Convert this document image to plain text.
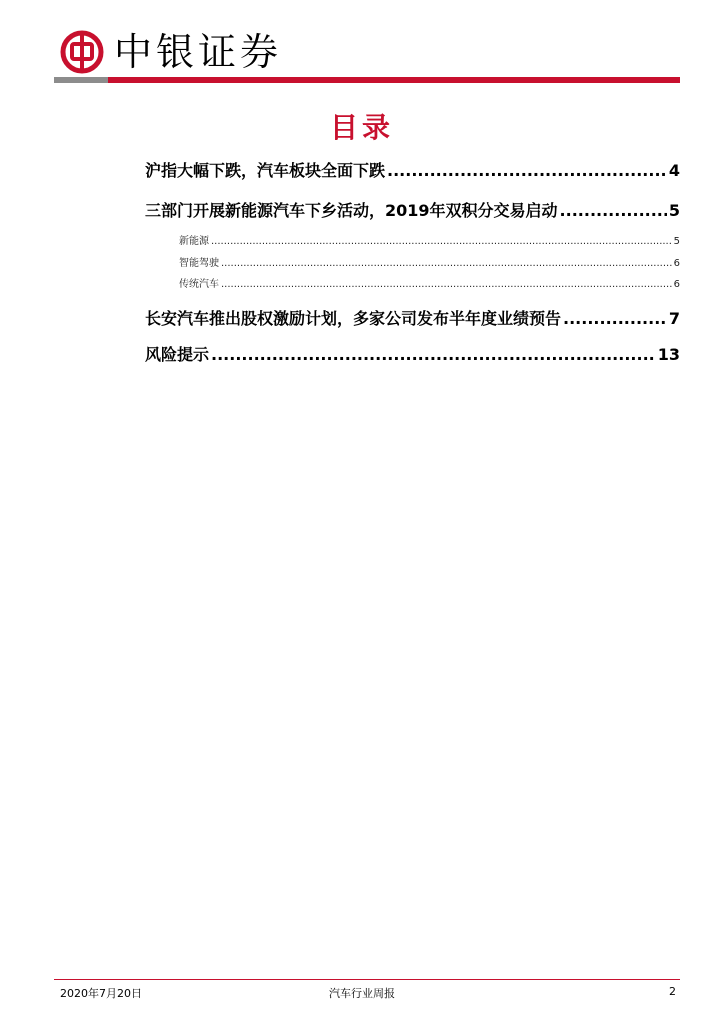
中银证券
目录
沪指大幅下跌，汽车板块全面下跌 .....	4
三部门开展新能源汽车下乡活动，2019年双积分交易启动 .....	5
新能源 .....	5
智能驾驶 .....	6
传统汽车 .....	6
长安汽车推出股权激励计划，多家公司发布半年度业绩预告 .....	7
风险提示 .....	13
2020年7月20日	汽车行业周报	2
